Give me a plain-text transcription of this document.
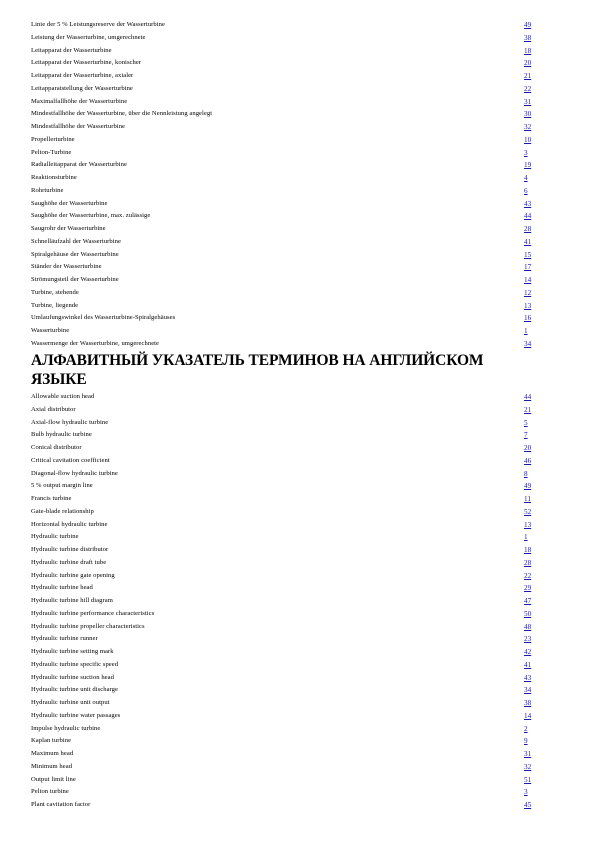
Linie der 5 % Leistungsreserve der Wasserturbine	49
Leistung der Wasserturbine, umgerechnete	38
Leitapparat der Wasserturbine	18
Leitapparat der Wasserturbine, konischer	20
Leitapparat der Wasserturbine, axialer	21
Leitapparatstellung der Wasserturbine	22
Maximalfallhöhe der Wasserturbine	31
Mindestfallhöhe der Wasserturbine, über die Nennleistung angelegt	30
Mindestfallhöhe der Wasserturbine	32
Propellerturbine	10
Pelton-Turbine	3
Radialleitapparat der Wasserturbine	19
Reaktionsturbine	4
Rohrturbine	6
Saughöhe der Wasserturbine	43
Saughöhe der Wasserturbine, max. zulässige	44
Saugrohr der Wasserturbine	28
Schnelläufzahl der Wasserturbine	41
Spiralgehäuse der Wasserturbine	15
Ständer der Wasserturbine	17
Strömungsteil der Wasserturbine	14
Turbine, stehende	12
Turbine, liegende	13
Umlaufungswinkel des Wasserturbine-Spiralgehäuses	16
Wasserturbine	1
Wassermenge der Wasserturbine, umgerechnete	34
АЛФАВИТНЫЙ УКАЗАТЕЛЬ ТЕРМИНОВ НА АНГЛИЙСКОМ
ЯЗЫКЕ
Allowable suction head	44
Axial distributor	21
Axial-flow hydraulic turbine	5
Bulb hydraulic turbine	7
Conical distributor	20
Critical cavitation coefficient	46
Diagonal-flow hydraulic turbine	8
5 % output margin line	49
Francis turbine	11
Gate-blade relationship	52
Horizontal hydraulic turbine	13
Hydraulic turbine	1
Hydraulic turbine distributor	18
Hydraulic turbine draft tube	28
Hydraulic turbine gate opening	22
Hydraulic turbine head	29
Hydraulic turbine hill diagram	47
Hydraulic turbine performance characteristics	50
Hydraulic turbine propeller characteristics	48
Hydraulic turbine runner	23
Hydraulic turbine setting mark	42
Hydraulic turbine specific speed	41
Hydraulic turbine suction head	43
Hydraulic turbine unit discharge	34
Hydraulic turbine unit output	38
Hydraulic turbine water passages	14
Impulse hydraulic turbine	2
Kaplan turbine	9
Maximum head	31
Minimum head	32
Output limit line	51
Pelton turbine	3
Plant cavitation factor	45
